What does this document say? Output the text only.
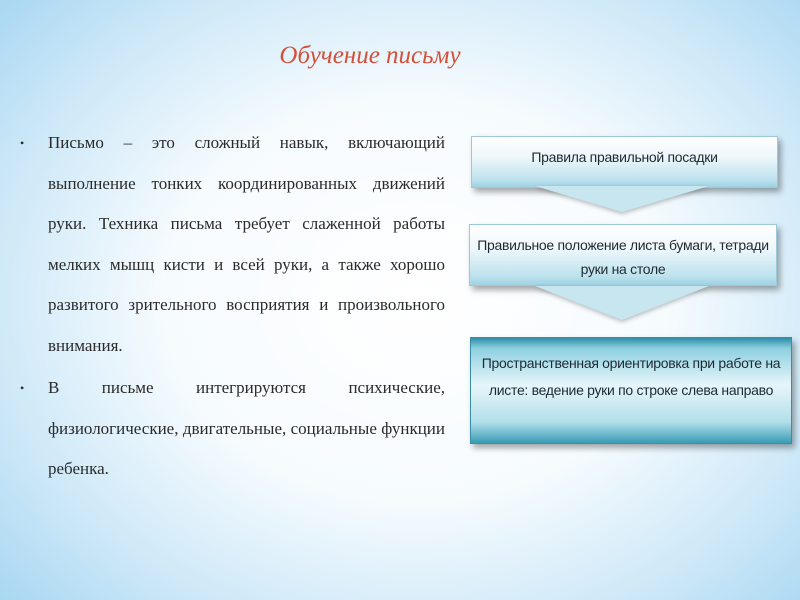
Обучение письму
• Письмо – это сложный навык, включающий выполнение тонких координированных движений руки. Техника письма требует слаженной работы мелких мышц кисти и всей руки, а также хорошо развитого зрительного восприятия и произвольного внимания.
• В письме интегрируются психические, физиологические, двигательные, социальные функции ребенка.
Правила правильной посадки
Правильное положение листа бумаги, тетради руки на столе
Пространственная ориентировка при работе на листе: ведение руки по строке слева направо
